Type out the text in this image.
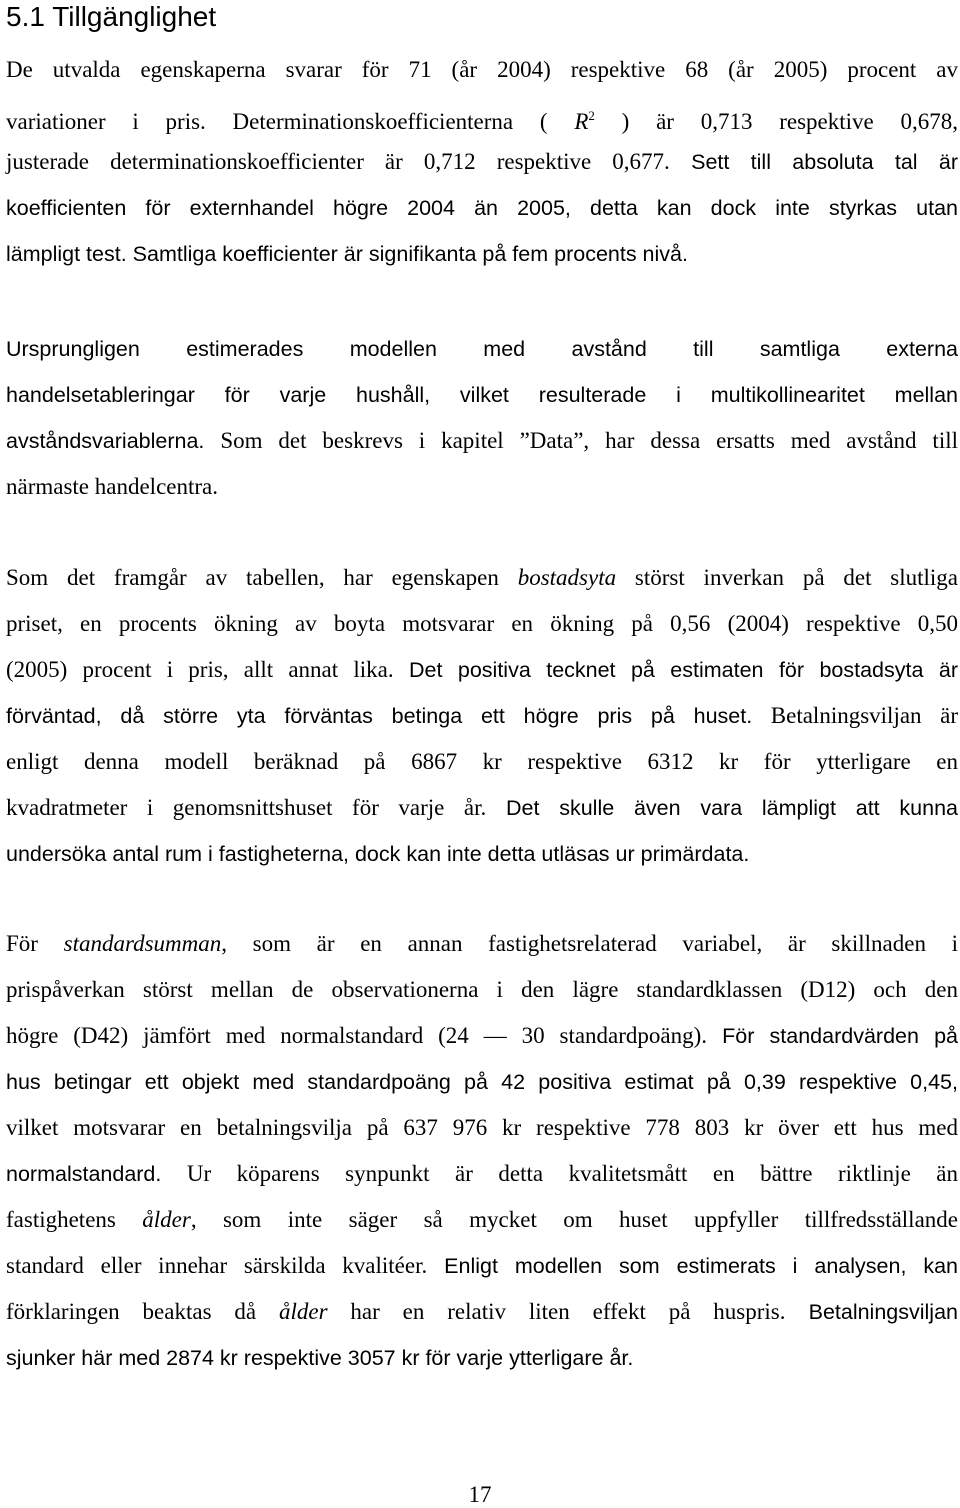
5.1 Tillgänglighet
De utvalda egenskaperna svarar för 71 (år 2004) respektive 68 (år 2005) procent av
variationer i pris. Determinationskoefficienterna ( $R^2$ ) är 0,713 respektive 0,678,
justerade determinationskoefficienter är 0,712 respektive 0,677. Sett till absoluta tal är
koefficienten för externhandel högre 2004 än 2005, detta kan dock inte styrkas utan
lämpligt test. Samtliga koefficienter är signifikanta på fem procents nivå.
Ursprungligen estimerades modellen med avstånd till samtliga externa
handelsetableringar för varje hushåll, vilket resulterade i multikollinearitet mellan
avståndsvariablerna. Som det beskrevs i kapitel ”Data”, har dessa ersatts med avstånd till
närmaste handelcentra.
Som det framgår av tabellen, har egenskapen bostadsyta störst inverkan på det slutliga
priset, en procents ökning av boyta motsvarar en ökning på 0,56 (2004) respektive 0,50
(2005) procent i pris, allt annat lika. Det positiva tecknet på estimaten för bostadsyta är
förväntad, då större yta förväntas betinga ett högre pris på huset. Betalningsviljan är
enligt denna modell beräknad på 6867 kr respektive 6312 kr för ytterligare en
kvadratmeter i genomsnittshuset för varje år. Det skulle även vara lämpligt att kunna
undersöka antal rum i fastigheterna, dock kan inte detta utläsas ur primärdata.
För standardsumman, som är en annan fastighetsrelaterad variabel, är skillnaden i
prispåverkan störst mellan de observationerna i den lägre standardklassen (D12) och den
högre (D42) jämfört med normalstandard (24 — 30 standardpoäng). För standardvärden på
hus betingar ett objekt med standardpoäng på 42 positiva estimat på 0,39 respektive 0,45,
vilket motsvarar en betalningsvilja på 637 976 kr respektive 778 803 kr över ett hus med
normalstandard. Ur köparens synpunkt är detta kvalitetsmått en bättre riktlinje än
fastighetens ålder, som inte säger så mycket om huset uppfyller tillfredsställande
standard eller innehar särskilda kvalitéer. Enligt modellen som estimerats i analysen, kan
förklaringen beaktas då ålder har en relativ liten effekt på huspris. Betalningsviljan
sjunker här med 2874 kr respektive 3057 kr för varje ytterligare år.
17
